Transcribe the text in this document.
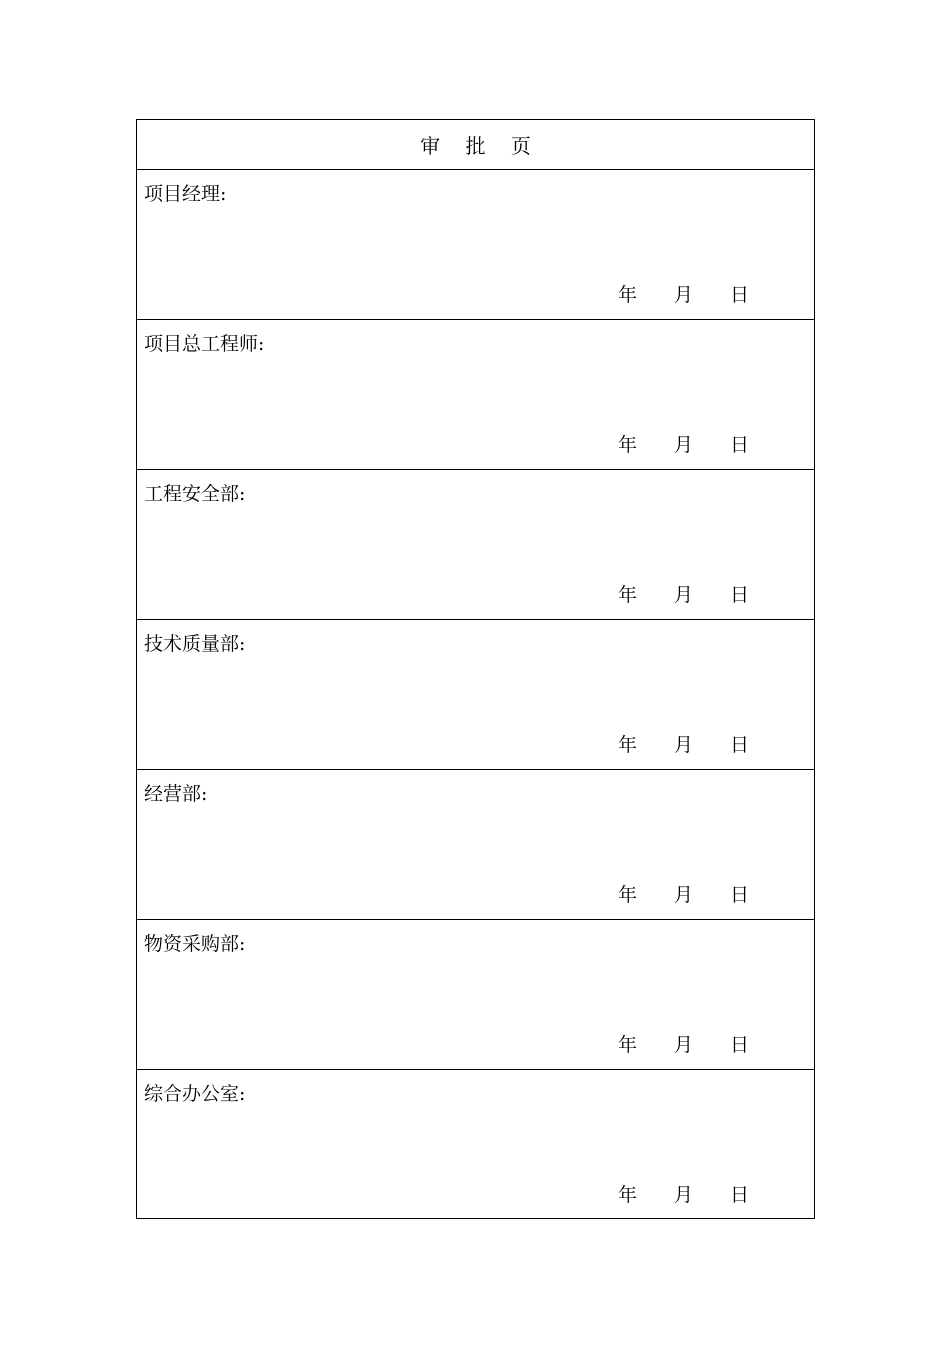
审    批    页
项目经理:
年	月	日
项目总工程师:
年	月	日
工程安全部:
年	月	日
技术质量部:
年	月	日
经营部:
年	月	日
物资采购部:
年	月	日
综合办公室:
年	月	日
